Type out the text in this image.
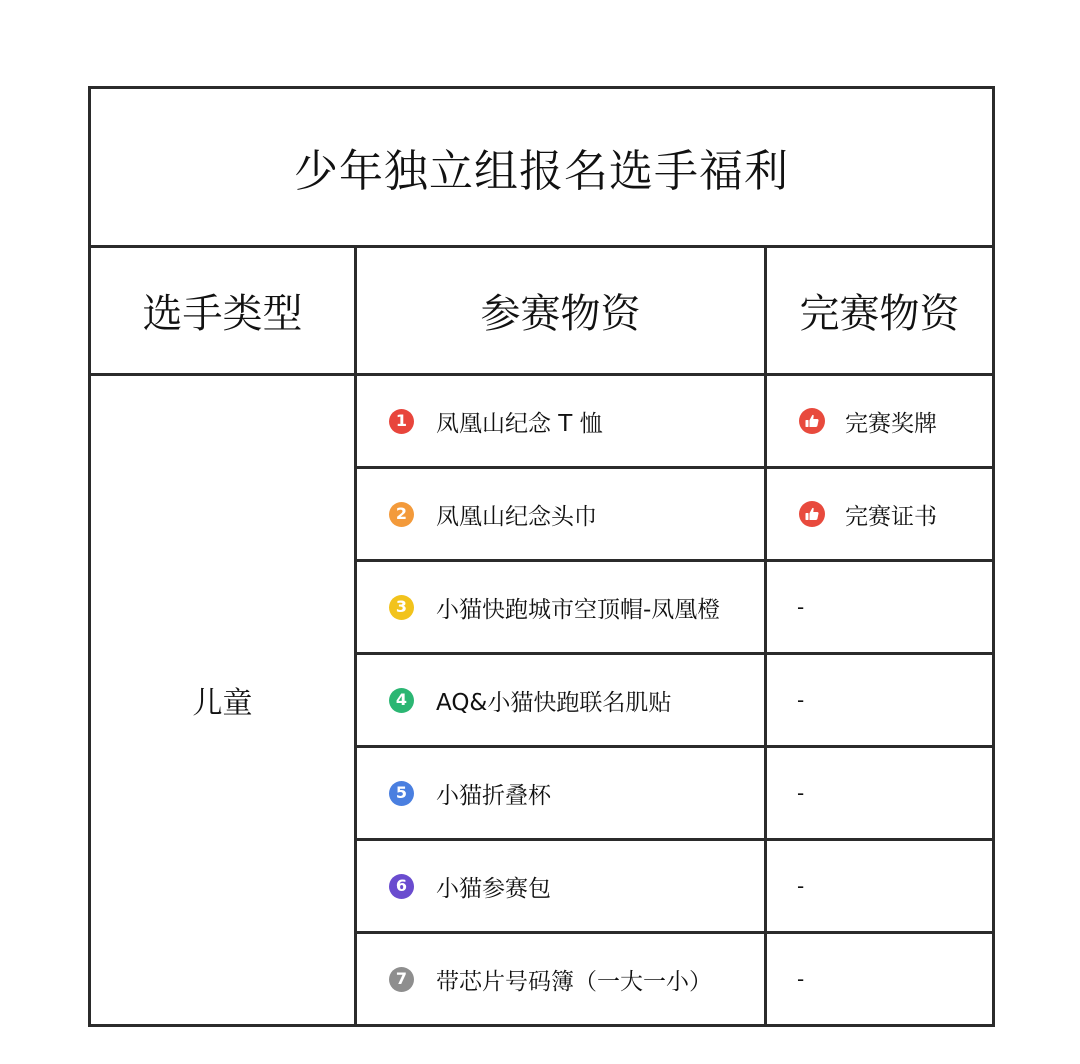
少年独立组报名选手福利		
选手类型	参赛物资	完赛物资
儿童	1 凤凰山纪念 T 恤	完赛奖牌

2 凤凰山纪念头巾	完赛证书

3 小猫快跑城市空顶帽-凤凰橙	-

4 AQ&小猫快跑联名肌贴	-

5 小猫折叠杯	-

6 小猫参赛包	-

7 带芯片号码簿（一大一小）	-
